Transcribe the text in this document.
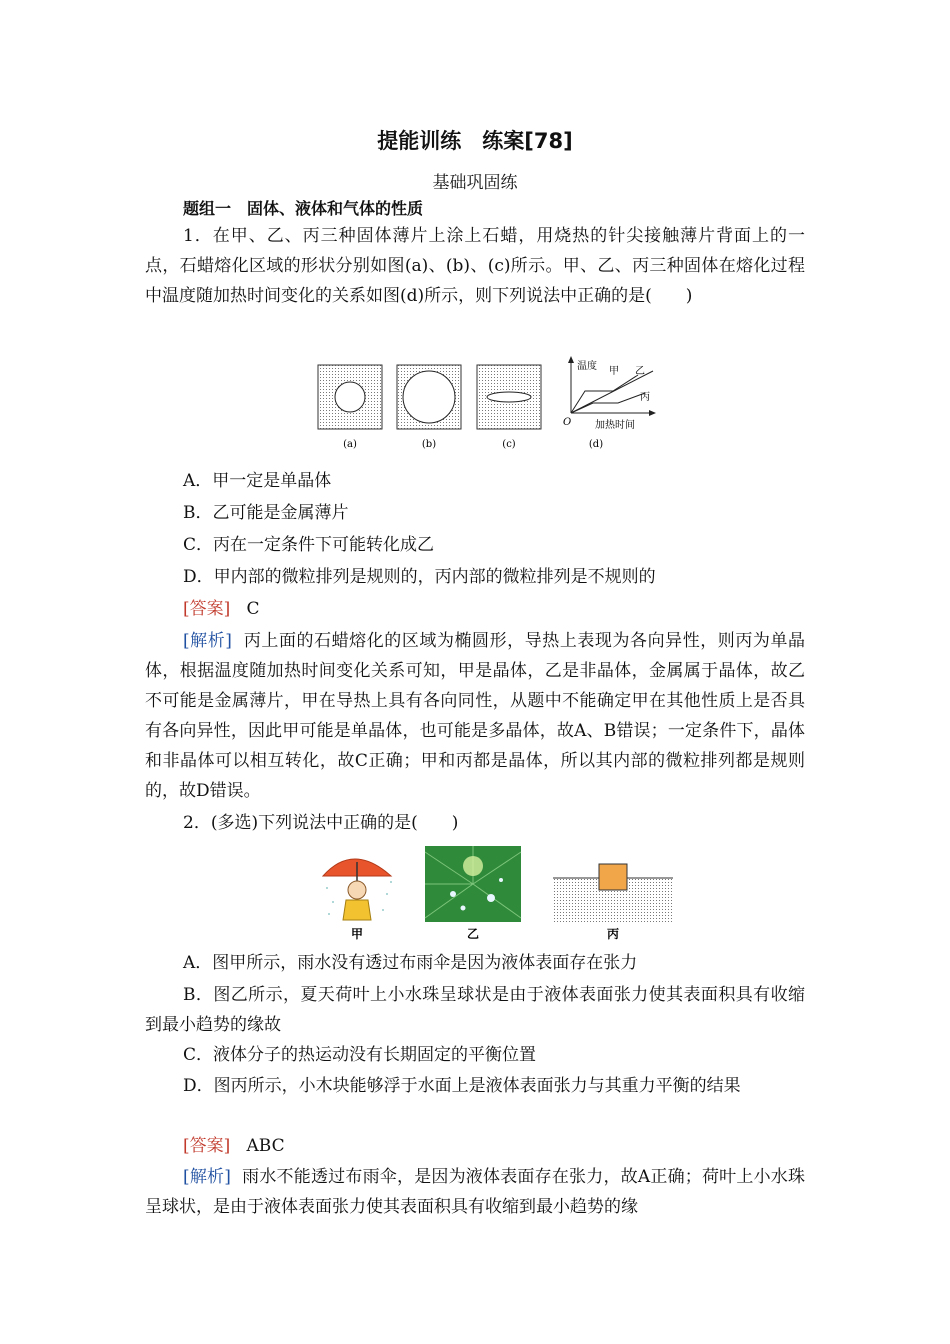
提能训练　练案[78]
基础巩固练
题组一　固体、液体和气体的性质
1．在甲、乙、丙三种固体薄片上涂上石蜡，用烧热的针尖接触薄片背面上的一点，石蜡熔化区域的形状分别如图(a)、(b)、(c)所示。甲、乙、丙三种固体在熔化过程中温度随加热时间变化的关系如图(d)所示，则下列说法中正确的是(　　)
(a)	(b)	(c)
温度
加热时间
O
甲 乙
丙
(d)
A．甲一定是单晶体
B．乙可能是金属薄片
C．丙在一定条件下可能转化成乙
D．甲内部的微粒排列是规则的，丙内部的微粒排列是不规则的
[答案] C
[解析] 丙上面的石蜡熔化的区域为椭圆形，导热上表现为各向异性，则丙为单晶体，根据温度随加热时间变化关系可知，甲是晶体，乙是非晶体，金属属于晶体，故乙不可能是金属薄片，甲在导热上具有各向同性，从题中不能确定甲在其他性质上是否具有各向异性，因此甲可能是单晶体，也可能是多晶体，故A、B错误；一定条件下，晶体和非晶体可以相互转化，故C正确；甲和丙都是晶体，所以其内部的微粒排列都是规则的，故D错误。
2．(多选)下列说法中正确的是(　　)
甲	乙	丙
A．图甲所示，雨水没有透过布雨伞是因为液体表面存在张力
B．图乙所示，夏天荷叶上小水珠呈球状是由于液体表面张力使其表面积具有收缩到最小趋势的缘故
C．液体分子的热运动没有长期固定的平衡位置
D．图丙所示，小木块能够浮于水面上是液体表面张力与其重力平衡的结果
[答案] ABC
[解析] 雨水不能透过布雨伞，是因为液体表面存在张力，故A正确；荷叶上小水珠呈球状，是由于液体表面张力使其表面积具有收缩到最小趋势的缘
